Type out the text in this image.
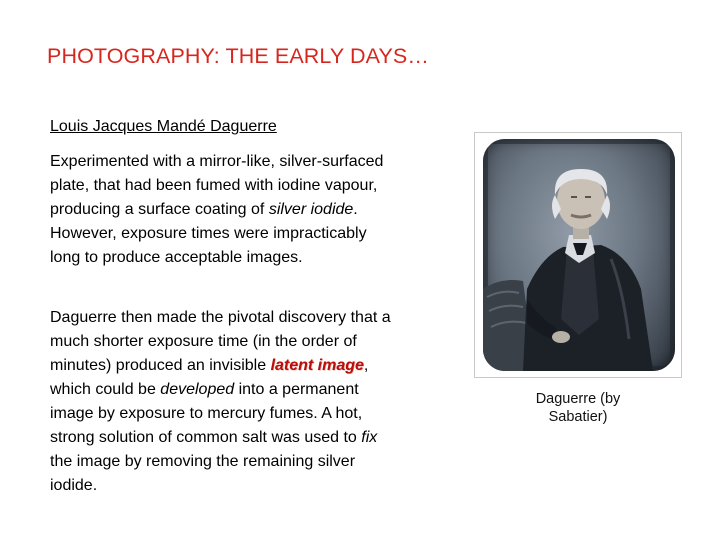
PHOTOGRAPHY: THE EARLY DAYS…
Louis Jacques Mandé Daguerre

Experimented with a mirror-like, silver-surfaced plate, that had been fumed with iodine vapour, producing a surface coating of silver iodide. However, exposure times were impracticably long to produce acceptable images.

Daguerre then made the pivotal discovery that a much shorter exposure time (in the order of minutes) produced an invisible latent image, which could be developed into a permanent image by exposure to mercury fumes. A hot, strong solution of common salt was used to fix the image by removing the remaining silver iodide.

Daguerre (by Sabatier)
